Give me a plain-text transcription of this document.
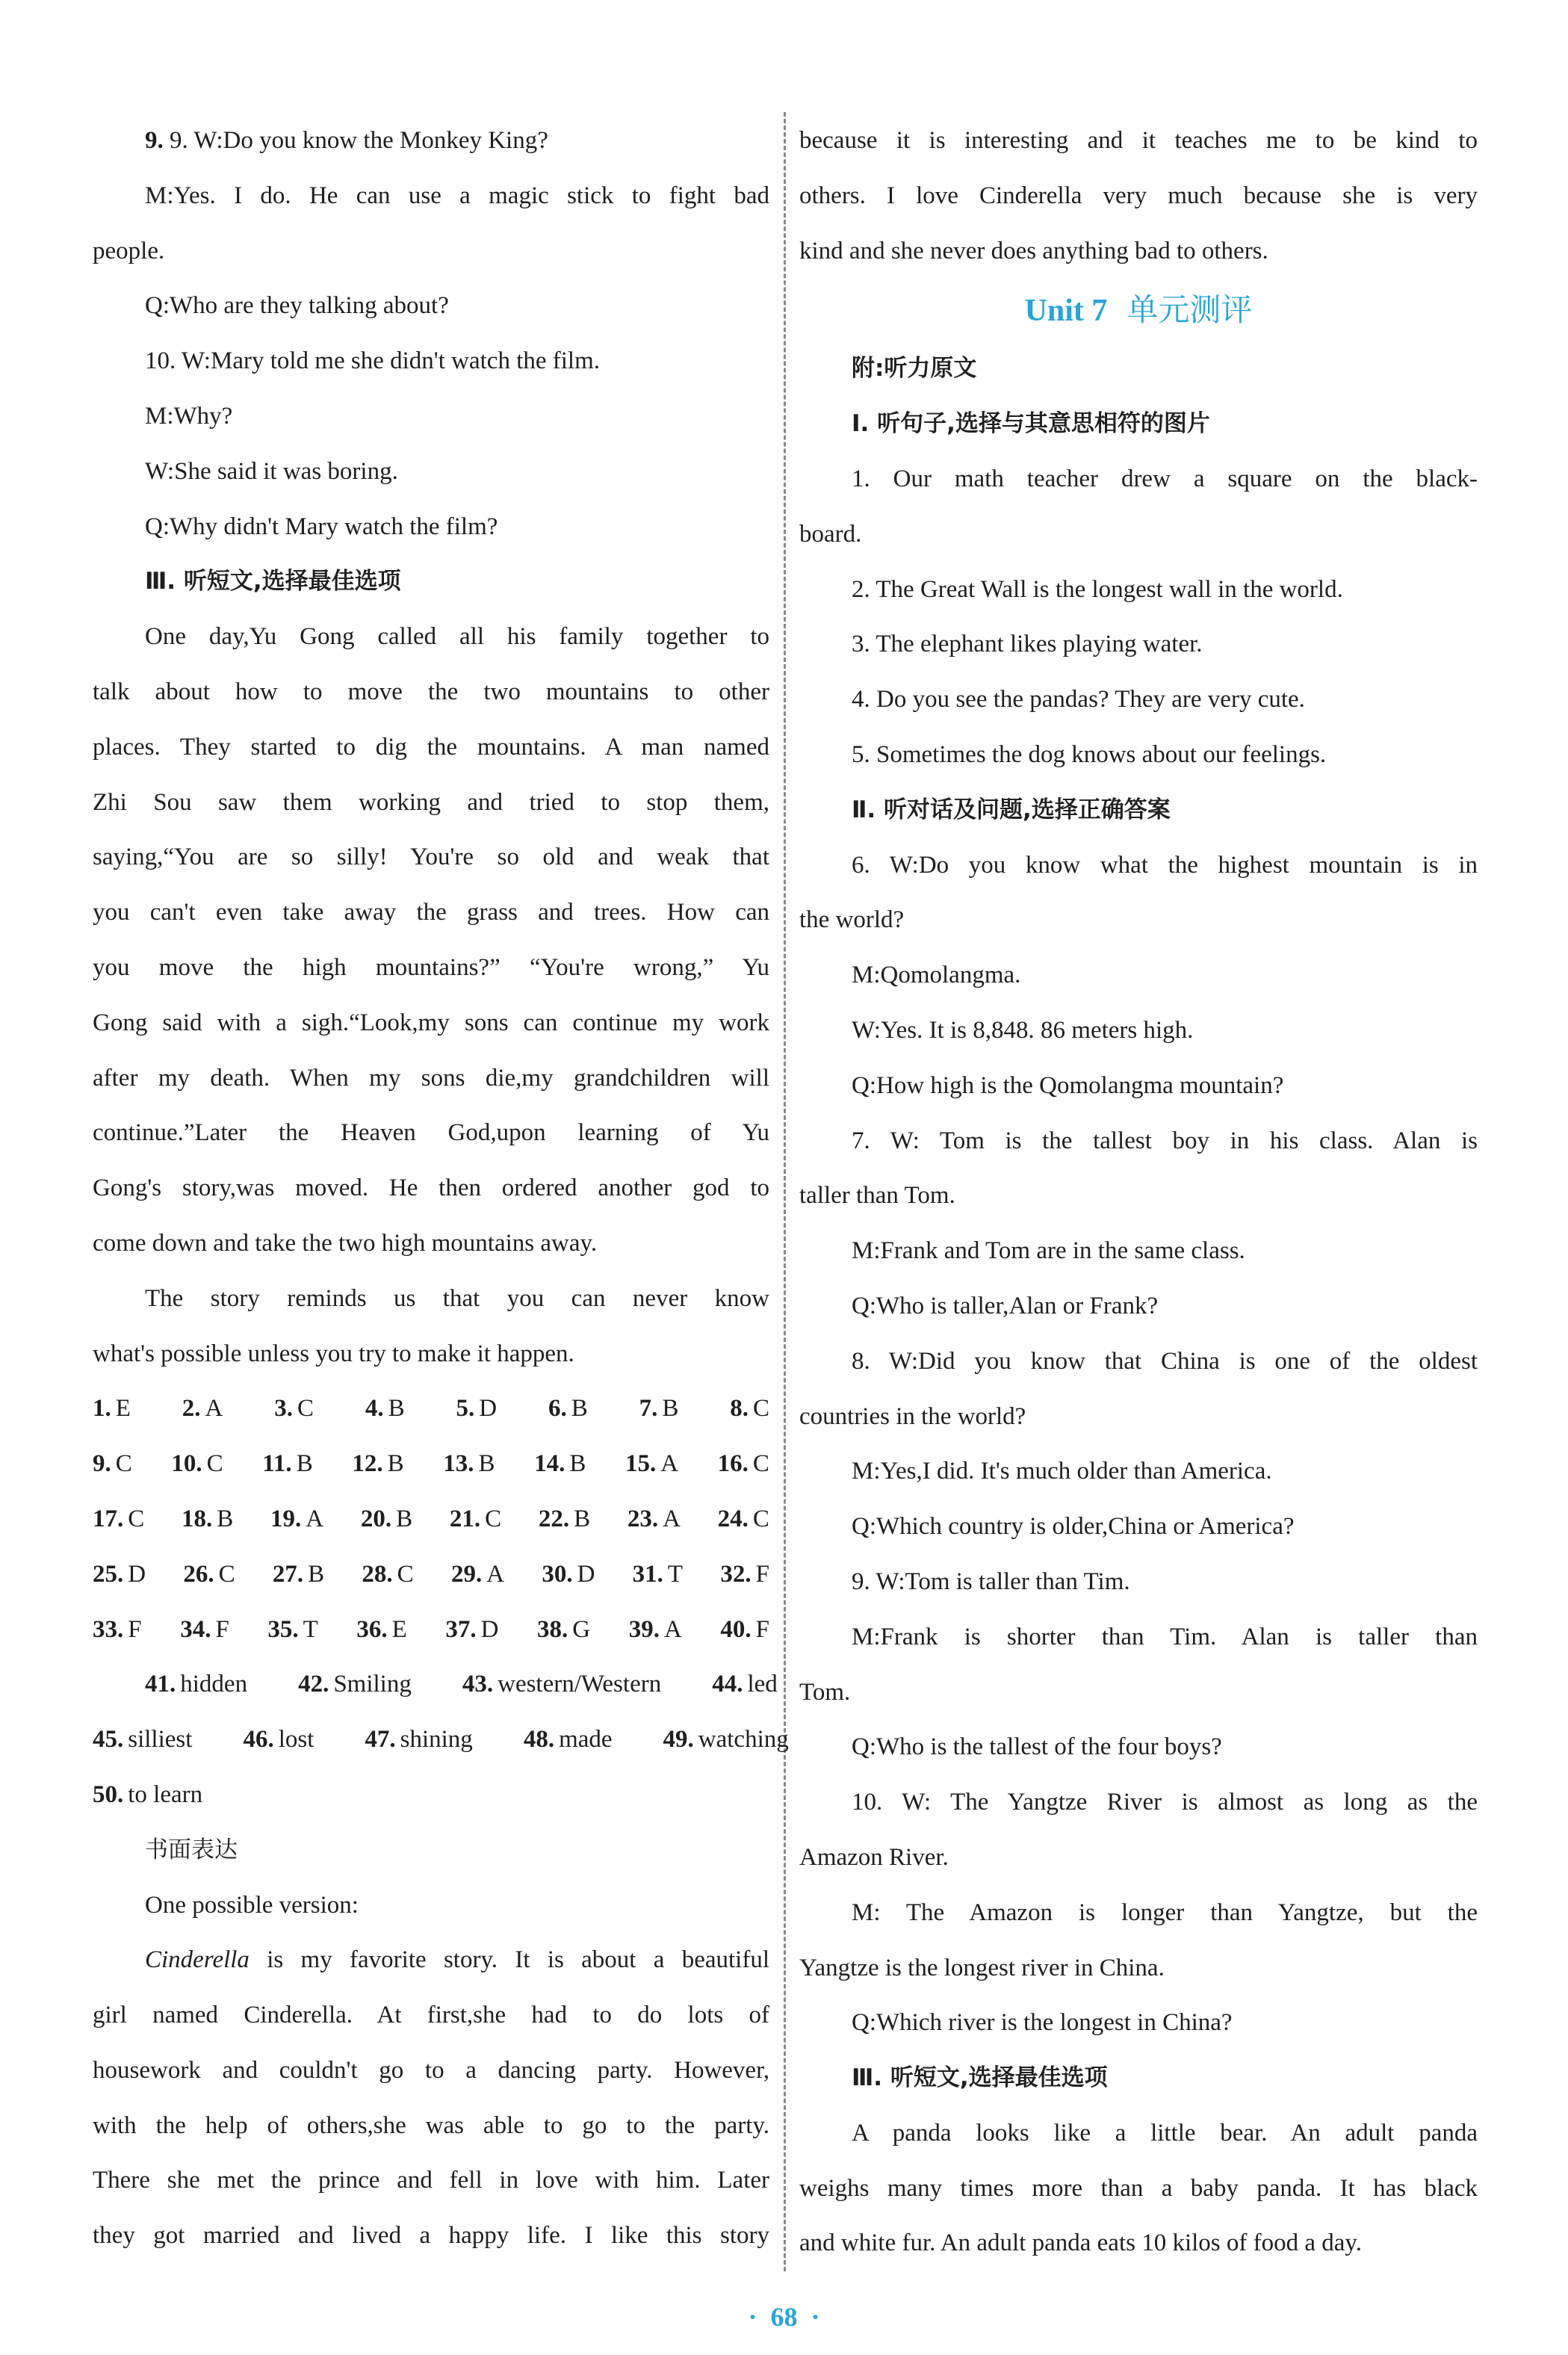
9. 9. W:Do you know the Monkey King?
M:Yes. I do. He can use a magic stick to fight bad
people.
Q:Who are they talking about?
10. W:Mary told me she didn't watch the film.
M:Why?
W:She said it was boring.
Q:Why didn't Mary watch the film?
Ⅲ. 听短文,选择最佳选项
One day,Yu Gong called all his family together to
talk about how to move the two mountains to other
places. They started to dig the mountains. A man named
Zhi Sou saw them working and tried to stop them,
saying,“You are so silly! You're so old and weak that
you can't even take away the grass and trees. How can
you move the high mountains?” “You're wrong,” Yu
Gong said with a sigh.“Look,my sons can continue my work
after my death. When my sons die,my grandchildren will
continue.”Later the Heaven God,upon learning of Yu
Gong's story,was moved. He then ordered another god to
come down and take the two high mountains away.
The story reminds us that you can never know
what's possible unless you try to make it happen.
1. E 2. A 3. C 4. B 5. D 6. B 7. B 8. C
9. C 10. C 11. B 12. B 13. B 14. B 15. A 16. C
17. C 18. B 19. A 20. B 21. C 22. B 23. A 24. C
25. D 26. C 27. B 28. C 29. A 30. D 31. T 32. F
33. F 34. F 35. T 36. E 37. D 38. G 39. A 40. F
41. hidden	42. Smiling	43. western/Western	44. led
45. silliest	46. lost	47. shining	48. made	49. watching
50. to learn
书面表达
One possible version:
Cinderella is my favorite story. It is about a beautiful
girl named Cinderella. At first,she had to do lots of
housework and couldn't go to a dancing party. However,
with the help of others,she was able to go to the party.
There she met the prince and fell in love with him. Later
they got married and lived a happy life. I like this story
because it is interesting and it teaches me to be kind to
others. I love Cinderella very much because she is very
kind and she never does anything bad to others.
Unit 7 单元测评
附:听力原文
Ⅰ. 听句子,选择与其意思相符的图片
1. Our math teacher drew a square on the black-
board.
2. The Great Wall is the longest wall in the world.
3. The elephant likes playing water.
4. Do you see the pandas? They are very cute.
5. Sometimes the dog knows about our feelings.
Ⅱ. 听对话及问题,选择正确答案
6. W:Do you know what the highest mountain is in
the world?
M:Qomolangma.
W:Yes. It is 8,848. 86 meters high.
Q:How high is the Qomolangma mountain?
7. W: Tom is the tallest boy in his class. Alan is
taller than Tom.
M:Frank and Tom are in the same class.
Q:Who is taller,Alan or Frank?
8. W:Did you know that China is one of the oldest
countries in the world?
M:Yes,I did. It's much older than America.
Q:Which country is older,China or America?
9. W:Tom is taller than Tim.
M:Frank is shorter than Tim. Alan is taller than
Tom.
Q:Who is the tallest of the four boys?
10. W: The Yangtze River is almost as long as the
Amazon River.
M: The Amazon is longer than Yangtze, but the
Yangtze is the longest river in China.
Q:Which river is the longest in China?
Ⅲ. 听短文,选择最佳选项
A panda looks like a little bear. An adult panda
weighs many times more than a baby panda. It has black
and white fur. An adult panda eats 10 kilos of food a day.
· 68 ·
